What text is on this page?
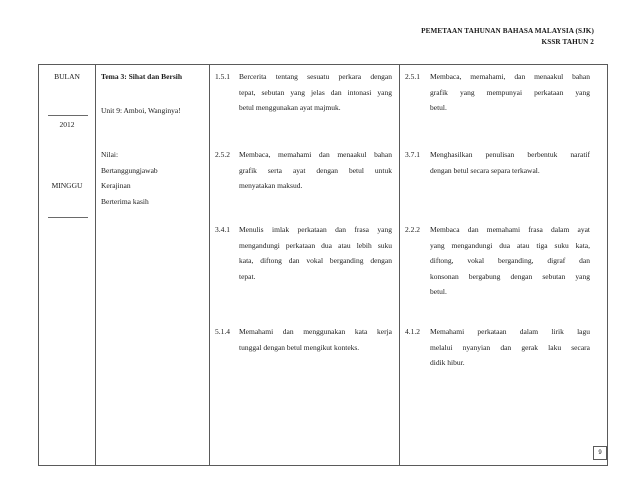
PEMETAAN TAHUNAN BAHASA MALAYSIA (SJK)
KSSR TAHUN 2
BULAN
2012
MINGGU
Tema 3: Sihat dan Bersih
Unit 9: Amboi, Wanginya!
Nilai:
Bertanggungjawab
Kerajinan
Berterima kasih
1.5.1 Bercerita tentang sesuatu perkara dengan
tepat, sebutan yang jelas dan intonasi yang
betul menggunakan ayat majmuk.
2.5.2 Membaca, memahami dan menaakul bahan
grafik serta ayat dengan betul untuk
menyatakan maksud.
3.4.1 Menulis imlak perkataan dan frasa yang
mengandungi perkataan dua atau lebih suku
kata, diftong dan vokal berganding dengan
tepat.
5.1.4 Memahami dan menggunakan kata kerja
tunggal dengan betul mengikut konteks.
2.5.1 Membaca, memahami, dan menaakul bahan
grafik yang mempunyai perkataan yang
betul.
3.7.1 Menghasilkan penulisan berbentuk naratif
dengan betul secara separa terkawal.
2.2.2 Membaca dan memahami frasa dalam ayat
yang mengandungi dua atau tiga suku kata,
diftong, vokal berganding, digraf dan
konsonan bergabung dengan sebutan yang
betul.
4.1.2 Memahami perkataan dalam lirik lagu
melalui nyanyian dan gerak laku secara
didik hibur.
9
